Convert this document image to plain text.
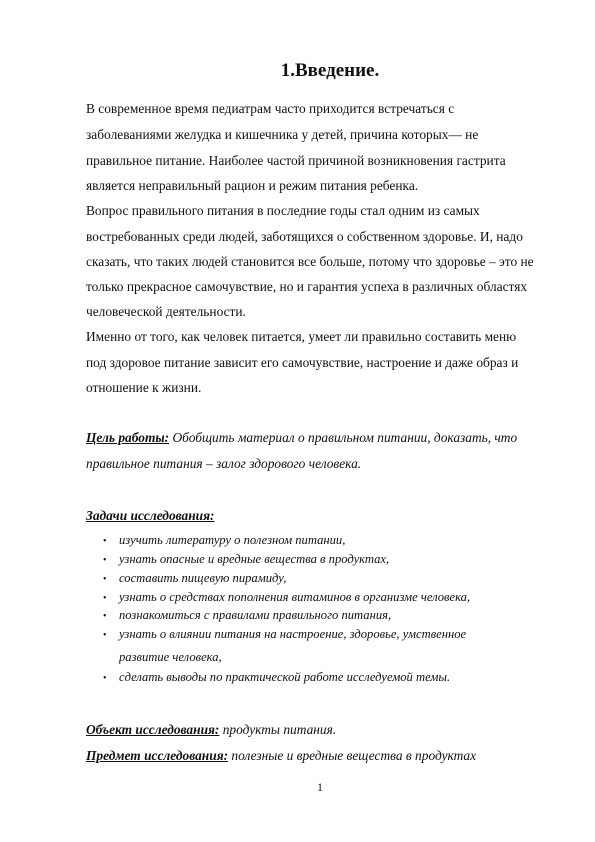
1.Введение.

В современное время педиатрам часто приходится встречаться с

заболеваниями желудка и кишечника у детей, причина которых— не

правильное питание. Наиболее частой причиной возникновения гастрита

является неправильный рацион и режим питания ребенка.

Вопрос правильного питания в последние годы стал одним из самых

востребованных среди людей, заботящихся о собственном здоровье. И, надо

сказать, что таких людей становится все больше, потому что здоровье – это не

только прекрасное самочувствие, но и гарантия успеха в различных областях

человеческой деятельности.

Именно от того, как человек питается, умеет ли правильно составить меню

под здоровое питание зависит его самочувствие, настроение и даже образ и

отношение к жизни.

Цель работы: Обобщить материал о правильном питании, доказать, что

правильное питания – залог здорового человека.

Задачи исследования:

• изучить литературу о полезном питании,

• узнать опасные и вредные вещества в продуктах,

• составить пищевую пирамиду,

• узнать о средствах пополнения витаминов в организме человека,

• познакомиться с правилами правильного питания,

• узнать о влиянии питания на настроение, здоровье, умственное

развитие человека,

• сделать выводы по практической работе исследуемой темы.

Объект исследования: продукты питания.

Предмет исследования: полезные и вредные вещества в продуктах

1
